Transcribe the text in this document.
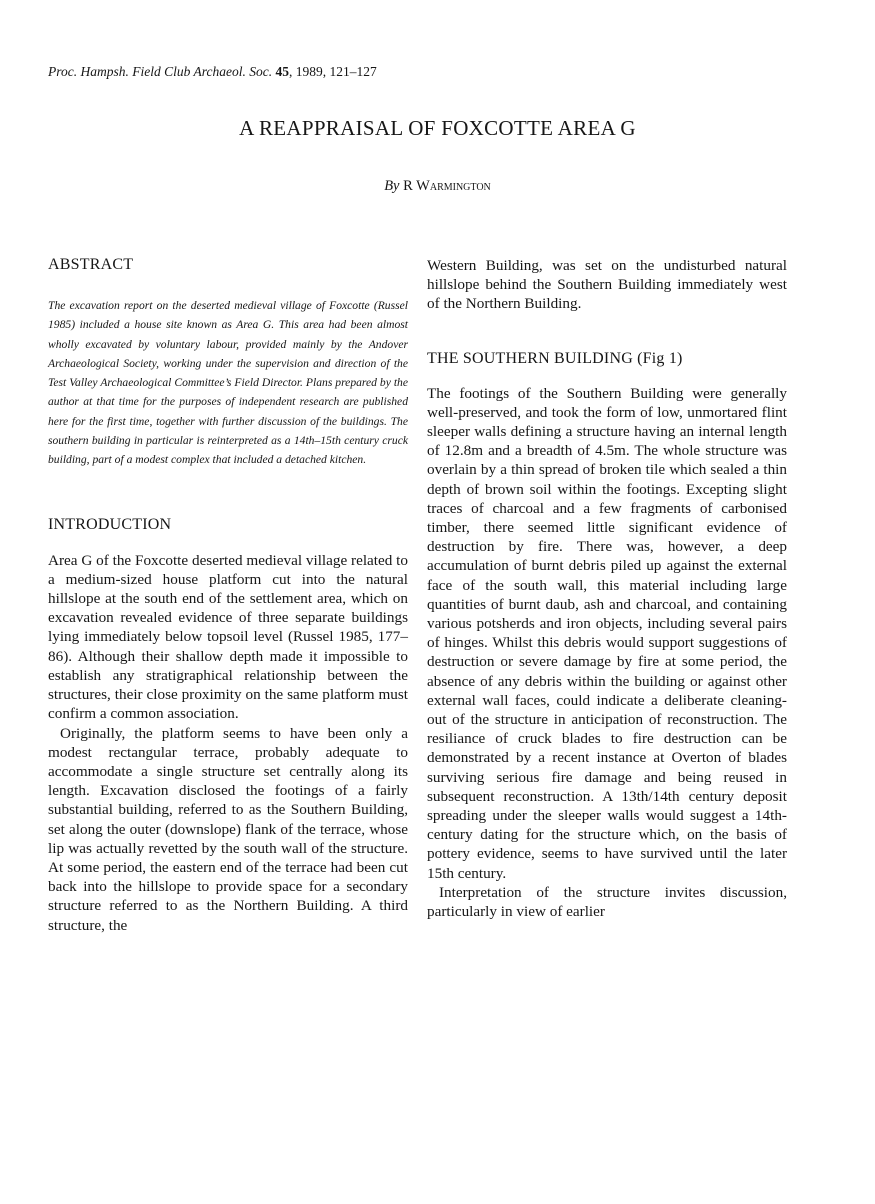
Proc. Hampsh. Field Club Archaeol. Soc. 45, 1989, 121–127
A REAPPRAISAL OF FOXCOTTE AREA G
By R Warmington
ABSTRACT

The excavation report on the deserted medieval village of Foxcotte (Russel 1985) included a house site known as Area G. This area had been almost wholly excavated by voluntary labour, provided mainly by the Andover Archaeological Society, working under the supervision and direction of the Test Valley Archaeological Committee’s Field Director. Plans prepared by the author at that time for the purposes of independent research are published here for the first time, together with further discussion of the buildings. The southern building in particular is reinterpreted as a 14th–15th century cruck building, part of a modest complex that included a detached kitchen.

INTRODUCTION

Area G of the Foxcotte deserted medieval village related to a medium-sized house platform cut into the natural hillslope at the south end of the settlement area, which on excavation revealed evidence of three separate buildings lying immediately below topsoil level (Russel 1985, 177–86). Although their shallow depth made it impossible to establish any stratigraphical relationship between the structures, their close proximity on the same platform must confirm a common association.

Originally, the platform seems to have been only a modest rectangular terrace, probably adequate to accommodate a single structure set centrally along its length. Excavation disclosed the footings of a fairly substantial building, referred to as the Southern Building, set along the outer (downslope) flank of the terrace, whose lip was actually revetted by the south wall of the structure. At some period, the eastern end of the terrace had been cut back into the hillslope to provide space for a secondary structure referred to as the Northern Building. A third structure, the

Western Building, was set on the undisturbed natural hillslope behind the Southern Building immediately west of the Northern Building.

THE SOUTHERN BUILDING (Fig 1)

The footings of the Southern Building were generally well-preserved, and took the form of low, unmortared flint sleeper walls defining a structure having an internal length of 12.8m and a breadth of 4.5m. The whole structure was overlain by a thin spread of broken tile which sealed a thin depth of brown soil within the footings. Excepting slight traces of charcoal and a few fragments of carbonised timber, there seemed little significant evidence of destruction by fire. There was, however, a deep accumulation of burnt debris piled up against the external face of the south wall, this material including large quantities of burnt daub, ash and charcoal, and containing various potsherds and iron objects, including several pairs of hinges. Whilst this debris would support suggestions of destruction or severe damage by fire at some period, the absence of any debris within the building or against other external wall faces, could indicate a deliberate cleaning-out of the structure in anticipation of reconstruction. The resiliance of cruck blades to fire destruction can be demonstrated by a recent instance at Overton of blades surviving serious fire damage and being reused in subsequent reconstruction. A 13th/14th century deposit spreading under the sleeper walls would suggest a 14th-century dating for the structure which, on the basis of pottery evidence, seems to have survived until the later 15th century.

Interpretation of the structure invites discussion, particularly in view of earlier
